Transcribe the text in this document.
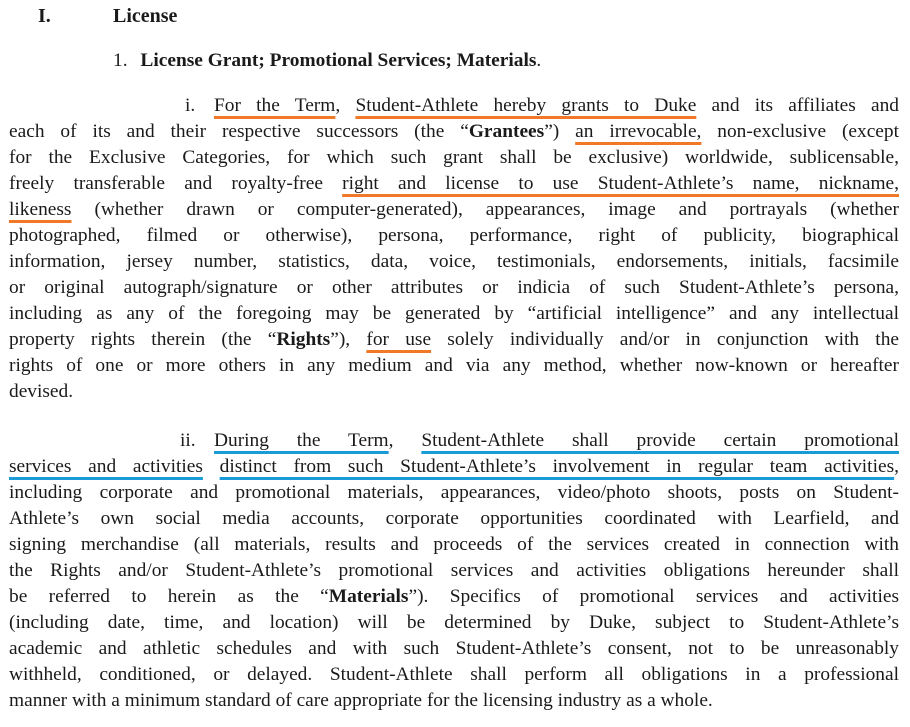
I.	License
1. License Grant; Promotional Services; Materials.
i. For the Term, Student-Athlete hereby grants to Duke and its affiliates and
each of its and their respective successors (the “Grantees”) an irrevocable, non-exclusive (except
for the Exclusive Categories, for which such grant shall be exclusive) worldwide, sublicensable,
freely transferable and royalty-free right and license to use Student-Athlete’s name, nickname,
likeness (whether drawn or computer-generated), appearances, image and portrayals (whether
photographed, filmed or otherwise), persona, performance, right of publicity, biographical
information, jersey number, statistics, data, voice, testimonials, endorsements, initials, facsimile
or original autograph/signature or other attributes or indicia of such Student-Athlete’s persona,
including as any of the foregoing may be generated by “artificial intelligence” and any intellectual
property rights therein (the “Rights”), for use solely individually and/or in conjunction with the
rights of one or more others in any medium and via any method, whether now-known or hereafter
devised.
ii. During the Term, Student-Athlete shall provide certain promotional
services and activities distinct from such Student-Athlete’s involvement in regular team activities,
including corporate and promotional materials, appearances, video/photo shoots, posts on Student-
Athlete’s own social media accounts, corporate opportunities coordinated with Learfield, and
signing merchandise (all materials, results and proceeds of the services created in connection with
the Rights and/or Student-Athlete’s promotional services and activities obligations hereunder shall
be referred to herein as the “Materials”). Specifics of promotional services and activities
(including date, time, and location) will be determined by Duke, subject to Student-Athlete’s
academic and athletic schedules and with such Student-Athlete’s consent, not to be unreasonably
withheld, conditioned, or delayed. Student-Athlete shall perform all obligations in a professional
manner with a minimum standard of care appropriate for the licensing industry as a whole.
